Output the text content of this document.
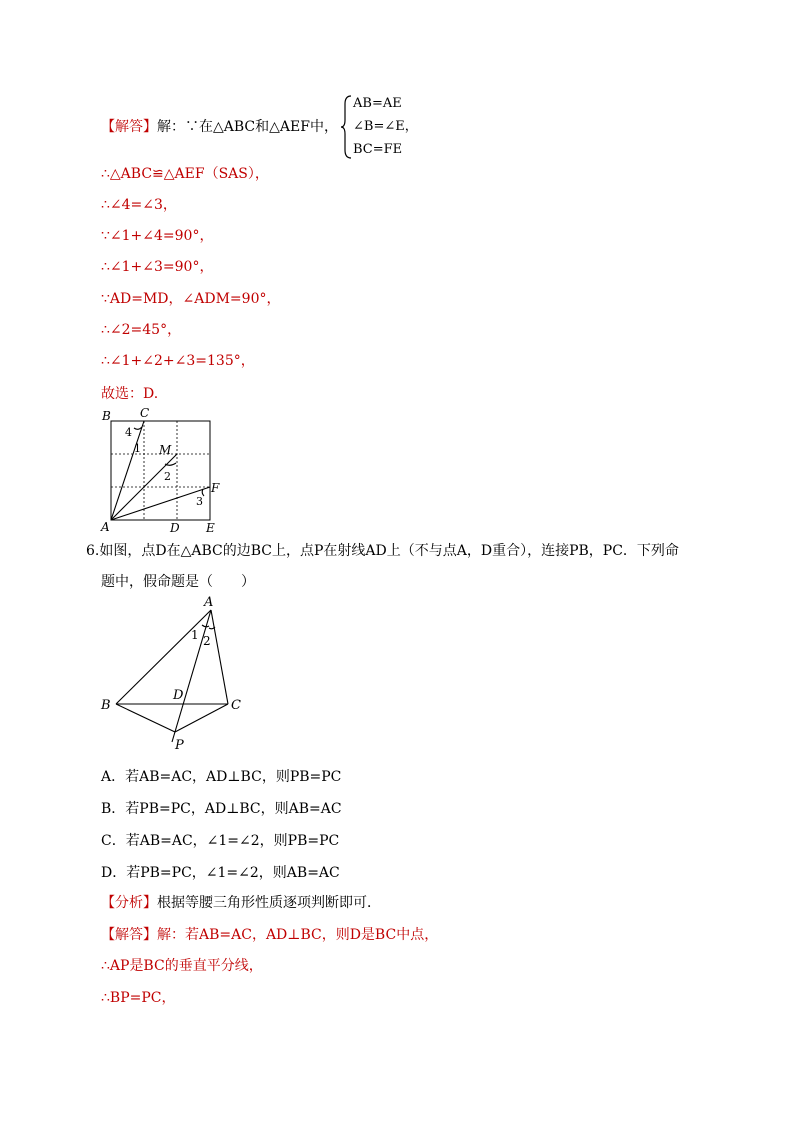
【解答】解：∵在△ABC和△AEF中，
AB=AE
∠B=∠E，
BC=FE
∴△ABC≌△AEF（SAS），
∴∠4=∠3，
∵∠1+∠4=90°，
∴∠1+∠3=90°，
∵AD=MD，∠ADM=90°，
∴∠2=45°，
∴∠1+∠2+∠3=135°，
故选：D.
B C
M
F
A	D E
4
1
2
3
6.如图，点D在△ABC的边BC上，点P在射线AD上（不与点A，D重合），连接PB，PC．下列命
题中，假命题是（　　）
A
B
D
C
P
1 2
A．若AB=AC，AD⊥BC，则PB=PC
B．若PB=PC，AD⊥BC，则AB=AC
C．若AB=AC，∠1=∠2，则PB=PC
D．若PB=PC，∠1=∠2，则AB=AC
【分析】根据等腰三角形性质逐项判断即可．
【解答】解：若AB=AC，AD⊥BC，则D是BC中点，
∴AP是BC的垂直平分线，
∴BP=PC，
